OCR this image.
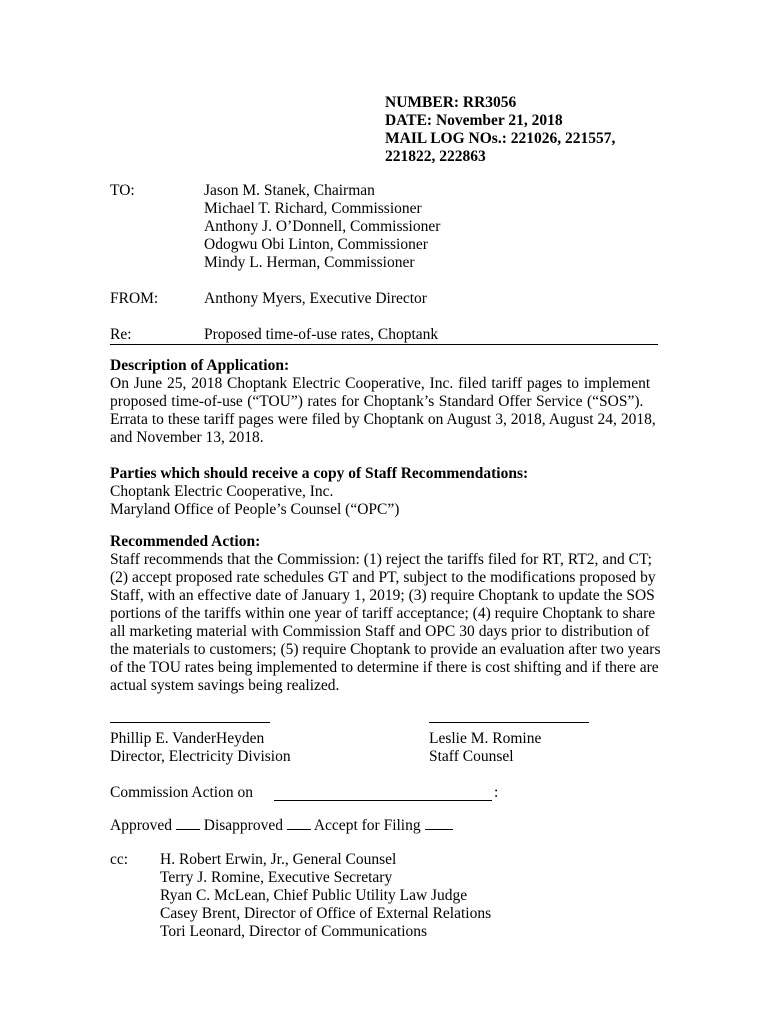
NUMBER: RR3056
DATE: November 21, 2018
MAIL LOG NOs.: 221026, 221557,
221822, 222863
TO:	Jason M. Stanek, Chairman
Michael T. Richard, Commissioner
Anthony J. O’Donnell, Commissioner
Odogwu Obi Linton, Commissioner
Mindy L. Herman, Commissioner
FROM:	Anthony Myers, Executive Director
Re:	Proposed time-of-use rates, Choptank
Description of Application:
On June 25, 2018 Choptank Electric Cooperative, Inc. filed tariff pages to implement
proposed time-of-use (“TOU”) rates for Choptank’s Standard Offer Service (“SOS”).
Errata to these tariff pages were filed by Choptank on August 3, 2018, August 24, 2018,
and November 13, 2018.
Parties which should receive a copy of Staff Recommendations:
Choptank Electric Cooperative, Inc.
Maryland Office of People’s Counsel (“OPC”)
Recommended Action:
Staff recommends that the Commission: (1) reject the tariffs filed for RT, RT2, and CT;
(2) accept proposed rate schedules GT and PT, subject to the modifications proposed by
Staff, with an effective date of January 1, 2019; (3) require Choptank to update the SOS
portions of the tariffs within one year of tariff acceptance; (4) require Choptank to share
all marketing material with Commission Staff and OPC 30 days prior to distribution of
the materials to customers; (5) require Choptank to provide an evaluation after two years
of the TOU rates being implemented to determine if there is cost shifting and if there are
actual system savings being realized.
Phillip E. VanderHeyden
Director, Electricity Division
Leslie M. Romine
Staff Counsel
Commission Action on	:
Approved Disapproved Accept for Filing
cc: H. Robert Erwin, Jr., General Counsel
Terry J. Romine, Executive Secretary
Ryan C. McLean, Chief Public Utility Law Judge
Casey Brent, Director of Office of External Relations
Tori Leonard, Director of Communications
